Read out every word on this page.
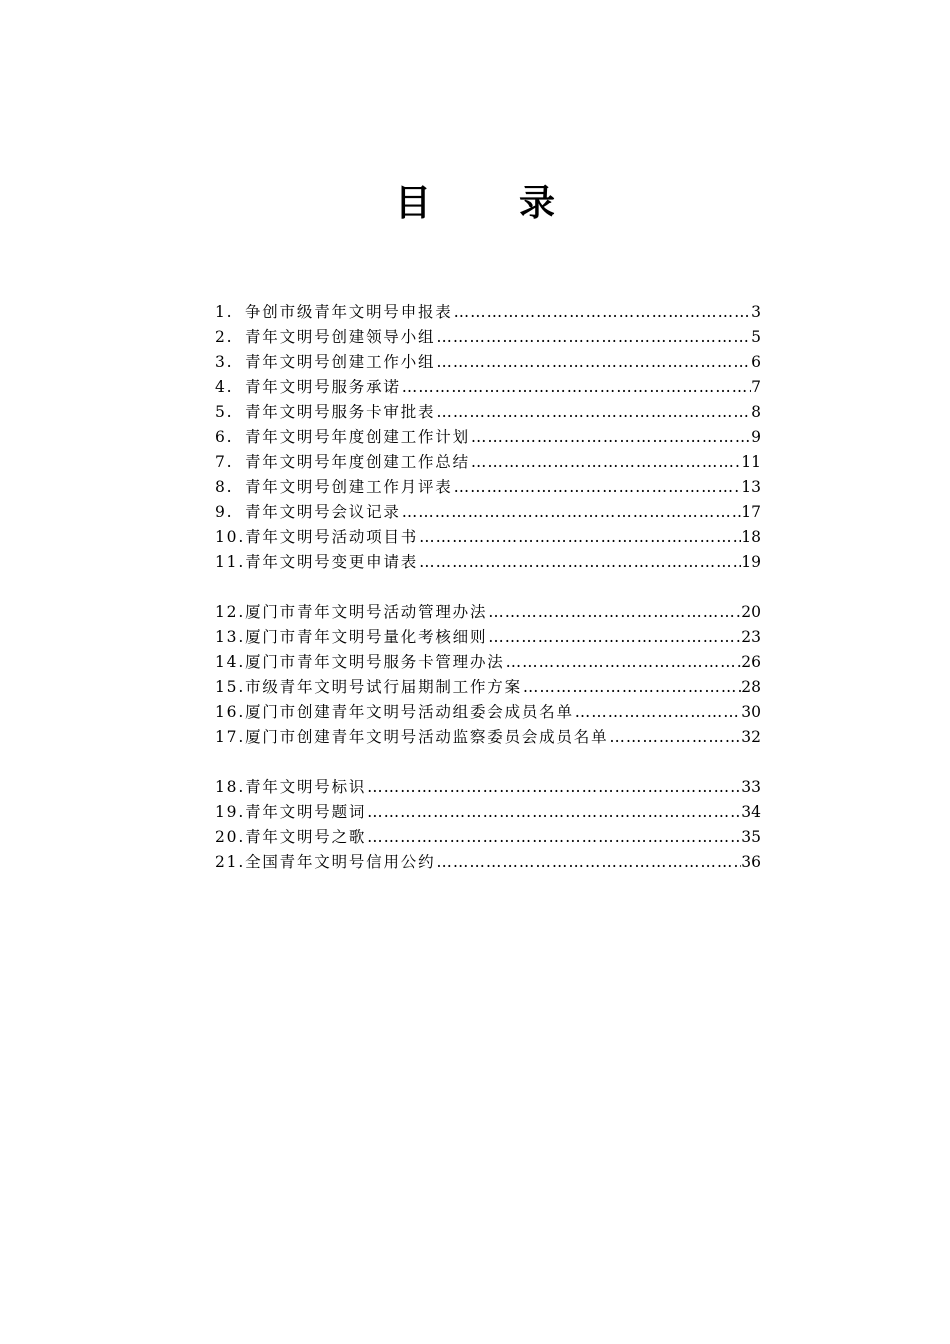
目　录
1. 争创市级青年文明号申报表 …………………………………………………………………………………………………………………………………………	3
2. 青年文明号创建领导小组 …………………………………………………………………………………………………………………………………………	5
3. 青年文明号创建工作小组 …………………………………………………………………………………………………………………………………………	6
4. 青年文明号服务承诺 …………………………………………………………………………………………………………………………………………	7
5. 青年文明号服务卡审批表 …………………………………………………………………………………………………………………………………………	8
6. 青年文明号年度创建工作计划 …………………………………………………………………………………………………………………………………………	9
7. 青年文明号年度创建工作总结 …………………………………………………………………………………………………………………………………………	11
8. 青年文明号创建工作月评表 …………………………………………………………………………………………………………………………………………	13
9. 青年文明号会议记录 …………………………………………………………………………………………………………………………………………	17
10. 青年文明号活动项目书 …………………………………………………………………………………………………………………………………………	18
11. 青年文明号变更申请表 …………………………………………………………………………………………………………………………………………	19
12. 厦门市青年文明号活动管理办法 …………………………………………………………………………………………………………………………………………	20
13. 厦门市青年文明号量化考核细则 …………………………………………………………………………………………………………………………………………	23
14. 厦门市青年文明号服务卡管理办法 …………………………………………………………………………………………………………………………………………	26
15. 市级青年文明号试行届期制工作方案 …………………………………………………………………………………………………………………………………………	28
16. 厦门市创建青年文明号活动组委会成员名单 …………………………………………………………………………………………………………………………………………	30
17. 厦门市创建青年文明号活动监察委员会成员名单 …………………………………………………………………………………………………………………………………………	32
18. 青年文明号标识 …………………………………………………………………………………………………………………………………………	33
19. 青年文明号题词 …………………………………………………………………………………………………………………………………………	34
20. 青年文明号之歌 …………………………………………………………………………………………………………………………………………	35
21. 全国青年文明号信用公约 …………………………………………………………………………………………………………………………………………	36
